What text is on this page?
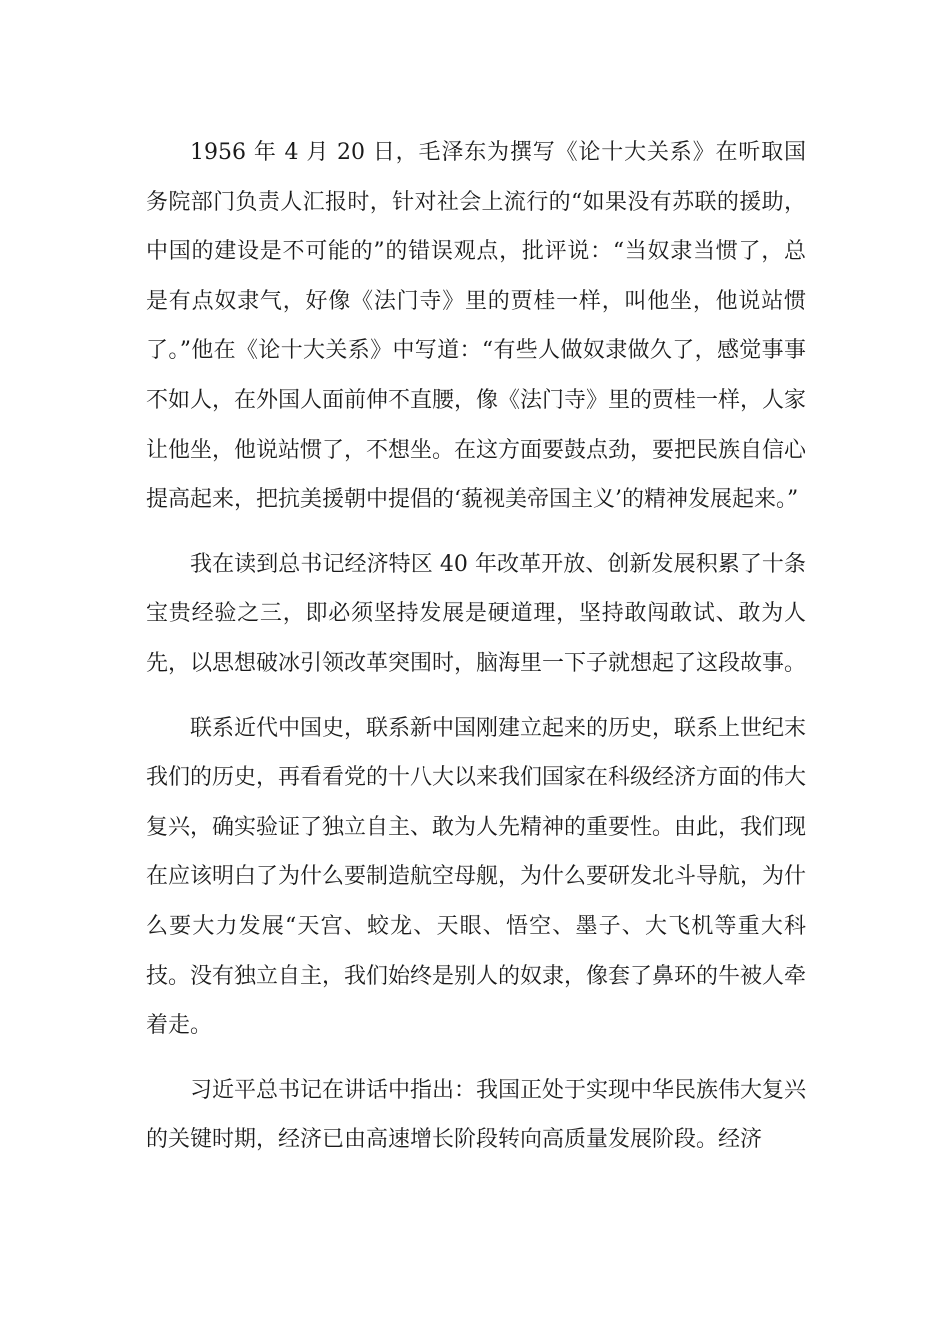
1956 年 4 月 20 日，毛泽东为撰写《论十大关系》在听取国务院部门负责人汇报时，针对社会上流行的“如果没有苏联的援助，中国的建设是不可能的”的错误观点，批评说：“当奴隶当惯了，总是有点奴隶气，好像《法门寺》里的贾桂一样，叫他坐，他说站惯了。”他在《论十大关系》中写道：“有些人做奴隶做久了，感觉事事不如人，在外国人面前伸不直腰，像《法门寺》里的贾桂一样，人家让他坐，他说站惯了，不想坐。在这方面要鼓点劲，要把民族自信心提高起来，把抗美援朝中提倡的‘藐视美帝国主义’的精神发展起来。”

我在读到总书记经济特区 40 年改革开放、创新发展积累了十条宝贵经验之三，即必须坚持发展是硬道理，坚持敢闯敢试、敢为人先，以思想破冰引领改革突围时，脑海里一下子就想起了这段故事。

联系近代中国史，联系新中国刚建立起来的历史，联系上世纪末我们的历史，再看看党的十八大以来我们国家在科级经济方面的伟大复兴，确实验证了独立自主、敢为人先精神的重要性。由此，我们现在应该明白了为什么要制造航空母舰，为什么要研发北斗导航，为什么要大力发展“天宫、蛟龙、天眼、悟空、墨子、大飞机等重大科技。没有独立自主，我们始终是别人的奴隶，像套了鼻环的牛被人牵着走。

习近平总书记在讲话中指出：我国正处于实现中华民族伟大复兴的关键时期，经济已由高速增长阶段转向高质量发展阶段。经济
